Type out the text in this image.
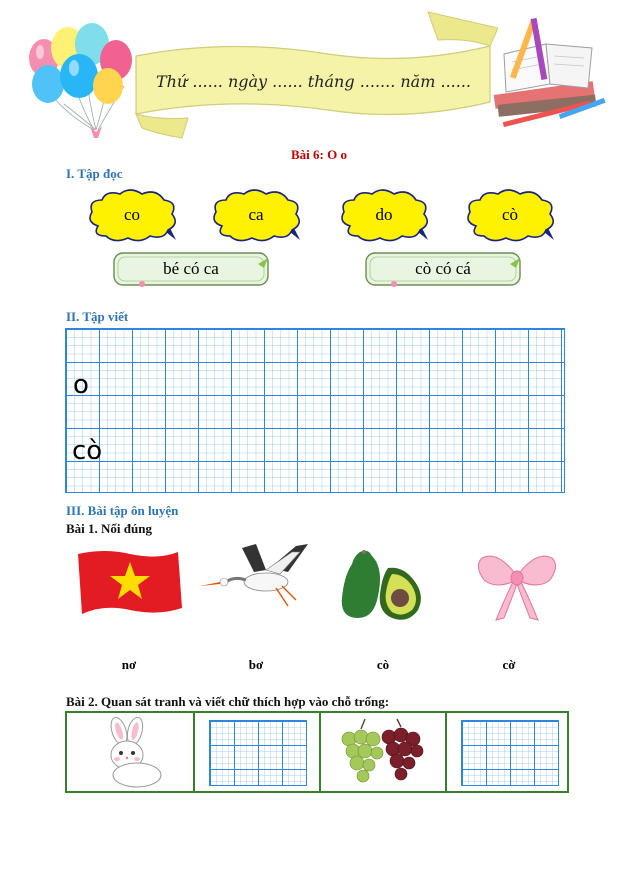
Thứ ...... ngày ...... tháng ....... năm ......
Bài 6: O o
I. Tập đọc
co	ca	do	cò
bé có ca	cò có cá
II. Tập viết
o
cò
III. Bài tập ôn luyện
Bài 1. Nối đúng
nơ	bơ	cò	cờ
Bài 2. Quan sát tranh và viết chữ thích hợp vào chỗ trống:
